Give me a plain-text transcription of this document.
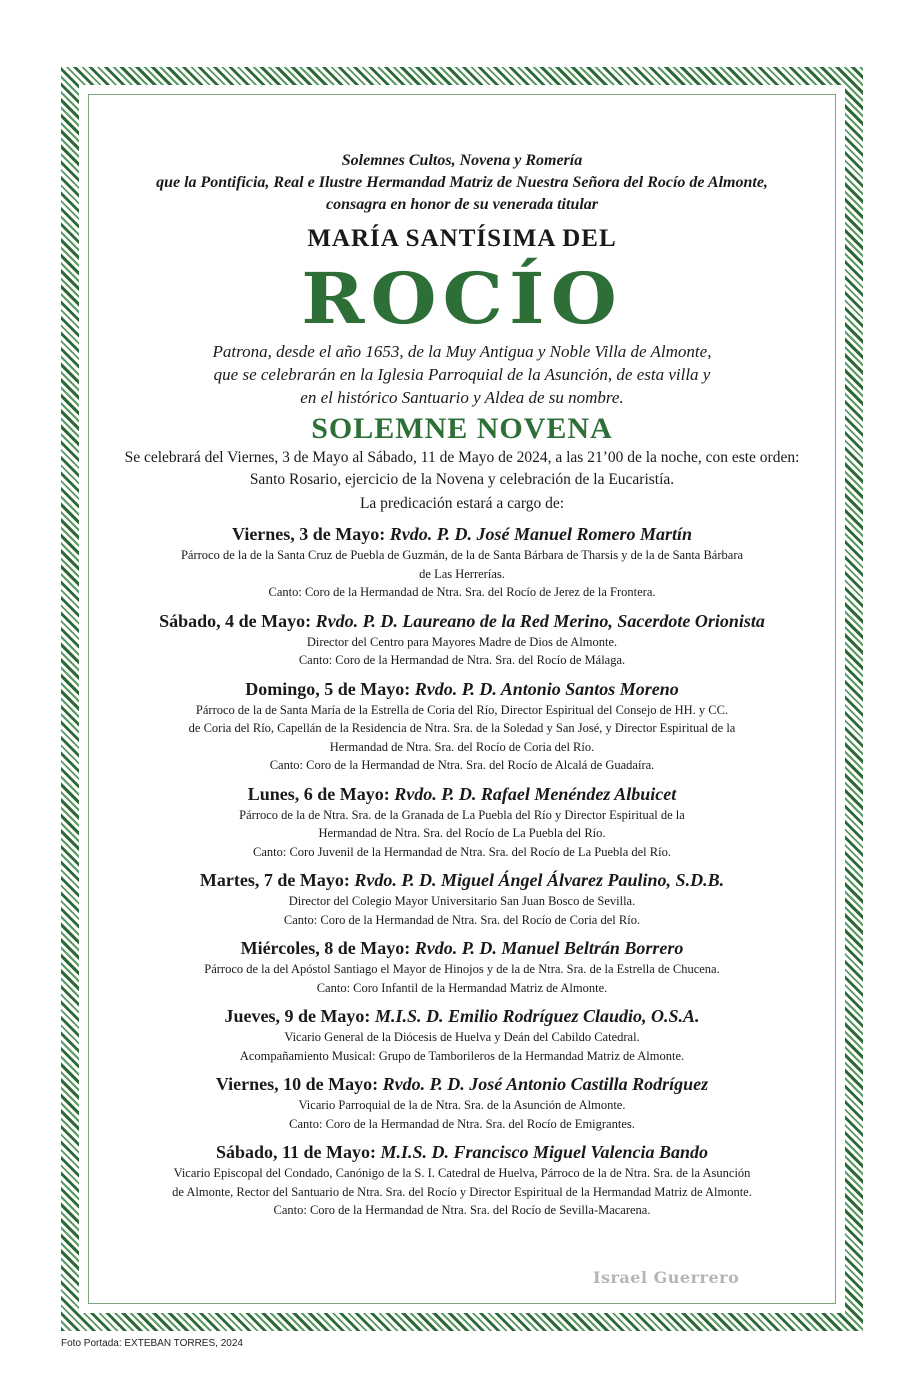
Solemnes Cultos, Novena y Romería
que la Pontificia, Real e Ilustre Hermandad Matriz de Nuestra Señora del Rocío de Almonte,
consagra en honor de su venerada titular
MARÍA SANTÍSIMA DEL
ROCÍO
Patrona, desde el año 1653, de la Muy Antigua y Noble Villa de Almonte,
que se celebrarán en la Iglesia Parroquial de la Asunción, de esta villa y
en el histórico Santuario y Aldea de su nombre.
SOLEMNE NOVENA
Se celebrará del Viernes, 3 de Mayo al Sábado, 11 de Mayo de 2024, a las 21’00 de la noche, con este orden:
Santo Rosario, ejercicio de la Novena y celebración de la Eucaristía.
La predicación estará a cargo de:
Viernes, 3 de Mayo: Rvdo. P. D. José Manuel Romero Martín
Párroco de la de la Santa Cruz de Puebla de Guzmán, de la de Santa Bárbara de Tharsis y de la de Santa Bárbara
de Las Herrerías.
Canto: Coro de la Hermandad de Ntra. Sra. del Rocío de Jerez de la Frontera.
Sábado, 4 de Mayo: Rvdo. P. D. Laureano de la Red Merino, Sacerdote Orionista
Director del Centro para Mayores Madre de Dios de Almonte.
Canto: Coro de la Hermandad de Ntra. Sra. del Rocío de Málaga.
Domingo, 5 de Mayo: Rvdo. P. D. Antonio Santos Moreno
Párroco de la de Santa María de la Estrella de Coria del Río, Director Espiritual del Consejo de HH. y CC.
de Coria del Río, Capellán de la Residencia de Ntra. Sra. de la Soledad y San José, y Director Espiritual de la
Hermandad de Ntra. Sra. del Rocío de Coria del Río.
Canto: Coro de la Hermandad de Ntra. Sra. del Rocío de Alcalá de Guadaíra.
Lunes, 6 de Mayo: Rvdo. P. D. Rafael Menéndez Albuicet
Párroco de la de Ntra. Sra. de la Granada de La Puebla del Río y Director Espiritual de la
Hermandad de Ntra. Sra. del Rocío de La Puebla del Río.
Canto: Coro Juvenil de la Hermandad de Ntra. Sra. del Rocío de La Puebla del Río.
Martes, 7 de Mayo: Rvdo. P. D. Miguel Ángel Álvarez Paulino, S.D.B.
Director del Colegio Mayor Universitario San Juan Bosco de Sevilla.
Canto: Coro de la Hermandad de Ntra. Sra. del Rocío de Coria del Río.
Miércoles, 8 de Mayo: Rvdo. P. D. Manuel Beltrán Borrero
Párroco de la del Apóstol Santiago el Mayor de Hinojos y de la de Ntra. Sra. de la Estrella de Chucena.
Canto: Coro Infantil de la Hermandad Matriz de Almonte.
Jueves, 9 de Mayo: M.I.S. D. Emilio Rodríguez Claudio, O.S.A.
Vicario General de la Diócesis de Huelva y Deán del Cabildo Catedral.
Acompañamiento Musical: Grupo de Tamborileros de la Hermandad Matriz de Almonte.
Viernes, 10 de Mayo: Rvdo. P. D. José Antonio Castilla Rodríguez
Vicario Parroquial de la de Ntra. Sra. de la Asunción de Almonte.
Canto: Coro de la Hermandad de Ntra. Sra. del Rocío de Emigrantes.
Sábado, 11 de Mayo: M.I.S. D. Francisco Miguel Valencia Bando
Vicario Episcopal del Condado, Canónigo de la S. I. Catedral de Huelva, Párroco de la de Ntra. Sra. de la Asunción
de Almonte, Rector del Santuario de Ntra. Sra. del Rocío y Director Espiritual de la Hermandad Matriz de Almonte.
Canto: Coro de la Hermandad de Ntra. Sra. del Rocío de Sevilla-Macarena.
Israel Guerrero
Foto Portada: EXTEBAN TORRES, 2024
